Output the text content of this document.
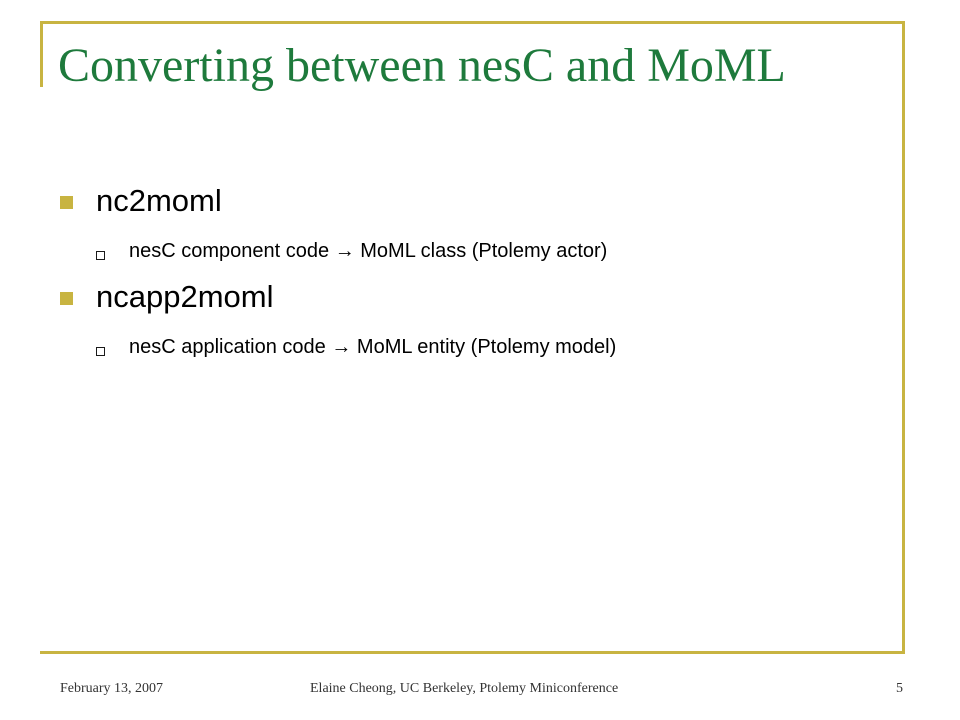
Converting between nesC and MoML
nc2moml
nesC component code → MoML class (Ptolemy actor)
ncapp2moml
nesC application code → MoML entity (Ptolemy model)
February 13, 2007	Elaine Cheong, UC Berkeley, Ptolemy Miniconference	5
